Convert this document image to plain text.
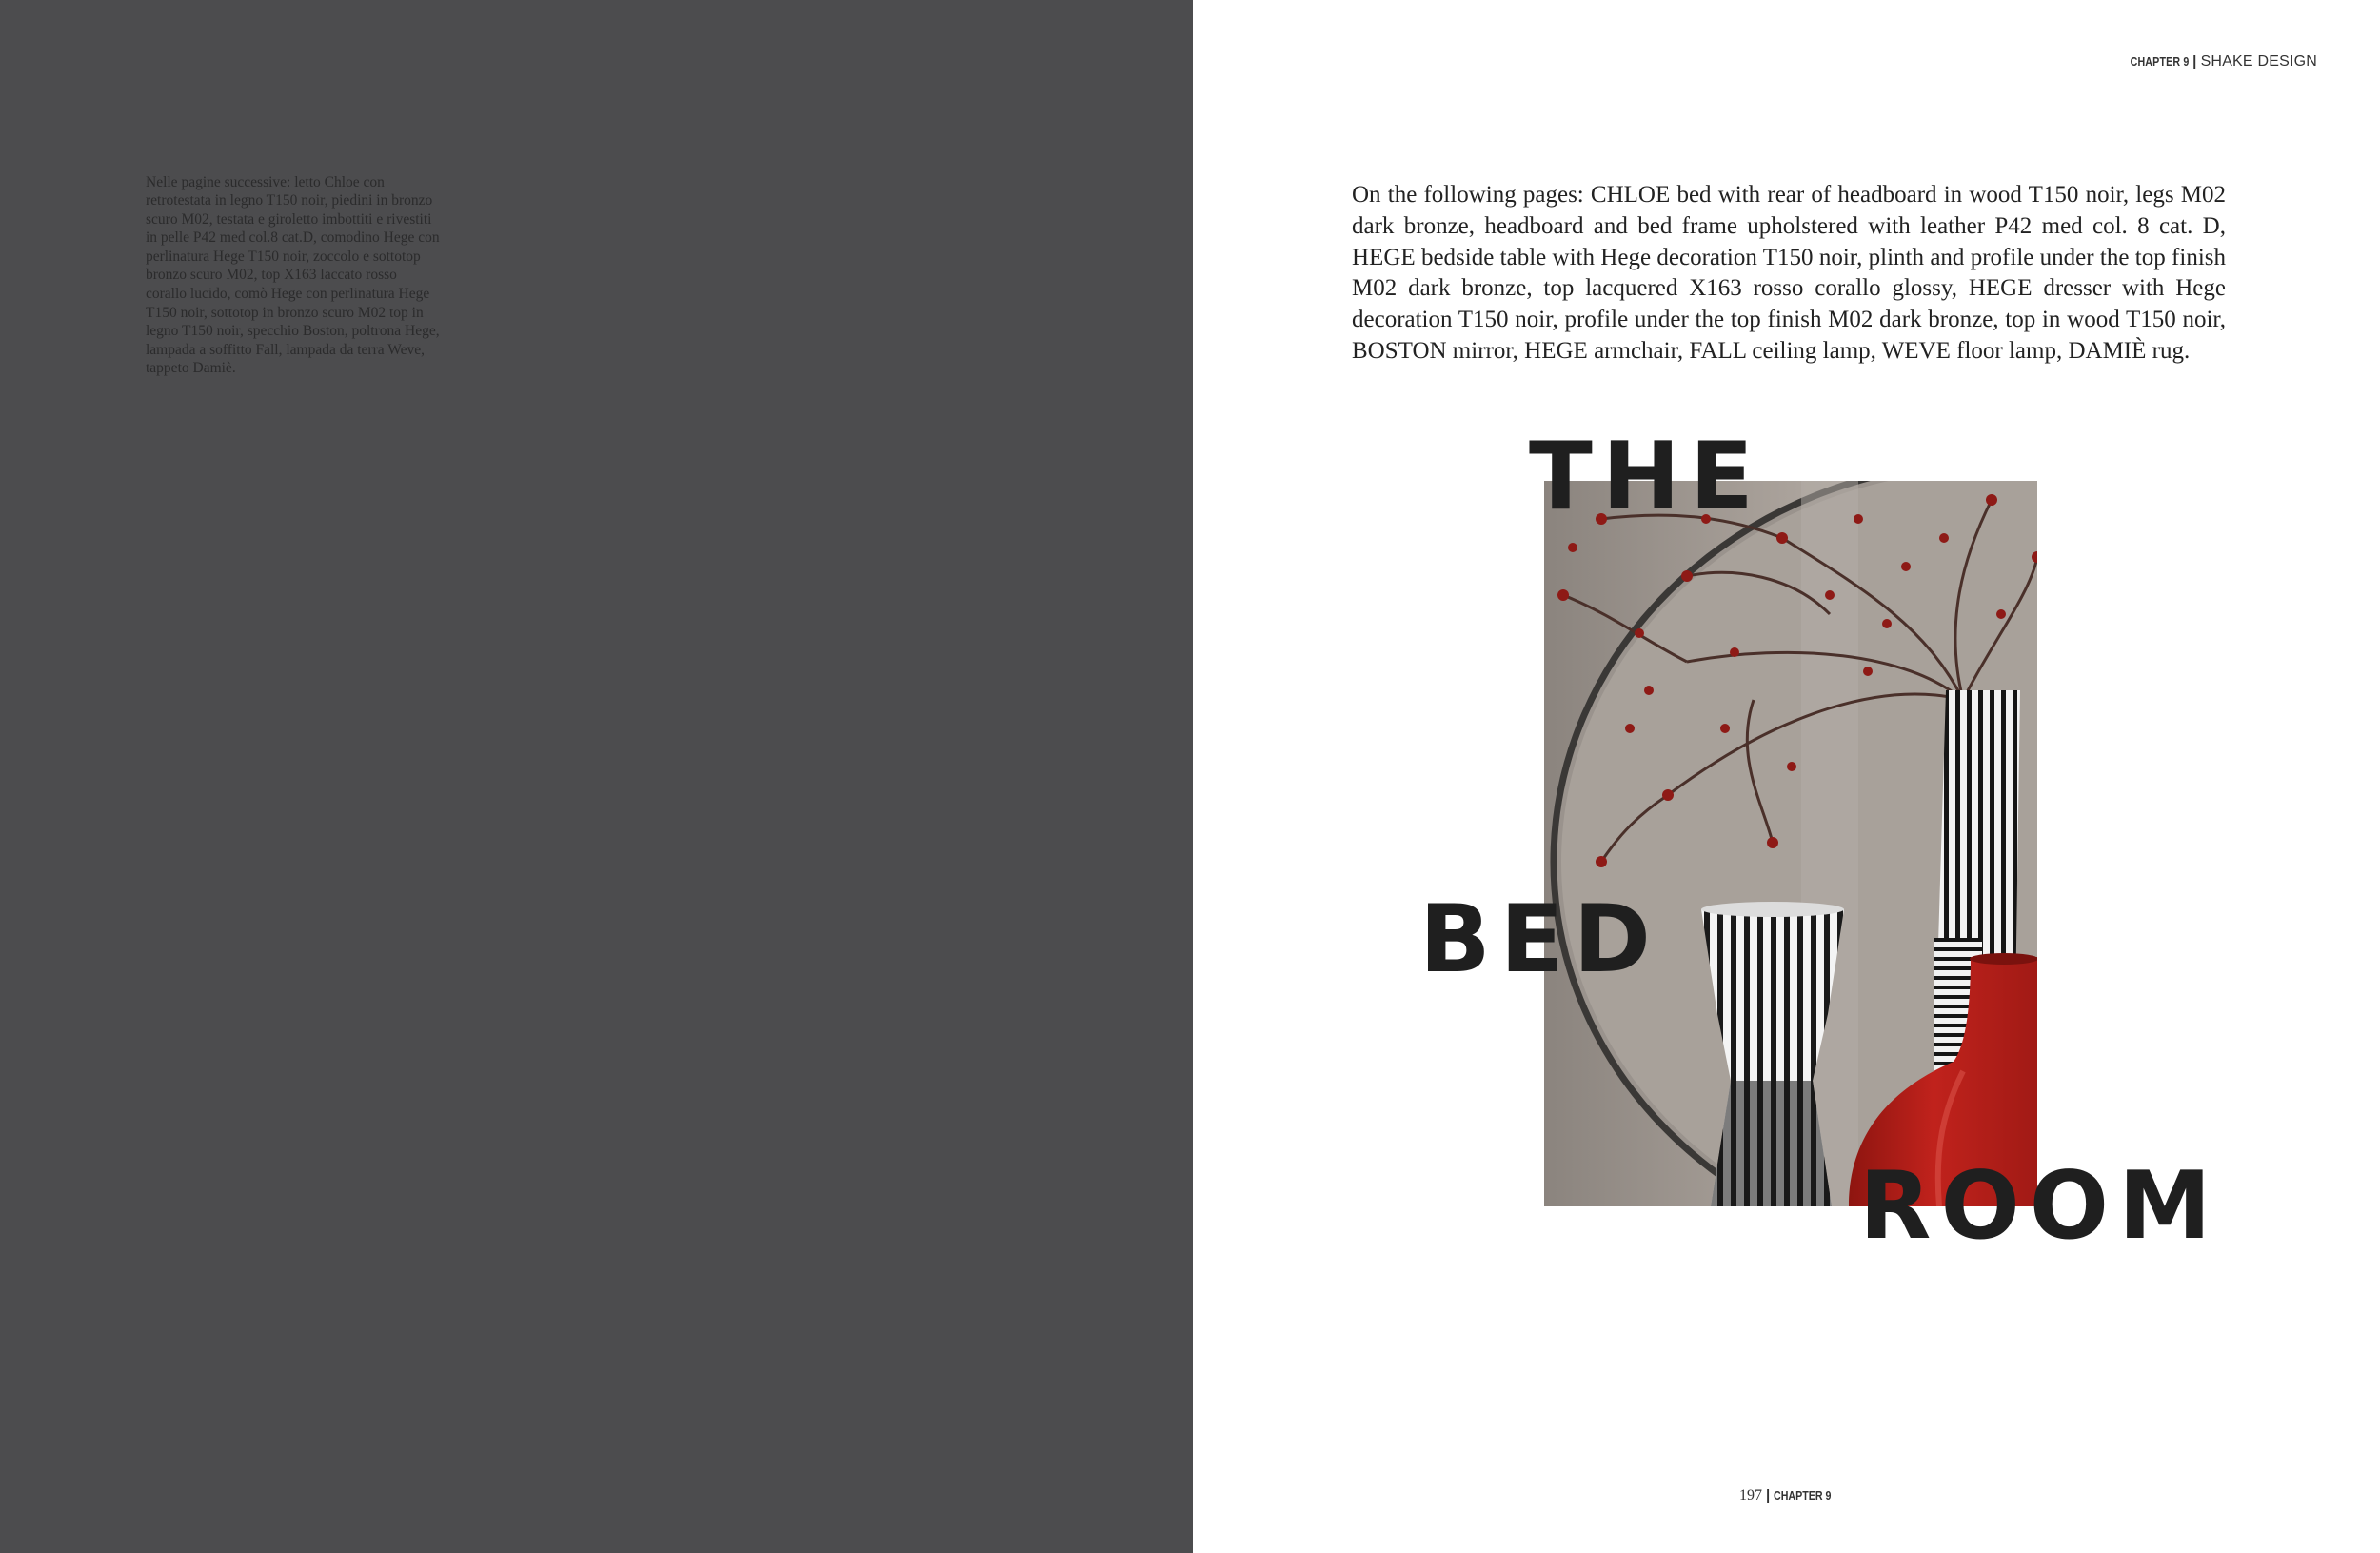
Nelle pagine successive: letto Chloe con retrotestata in legno T150 noir, piedini in bronzo scuro M02, testata e giroletto imbottiti e rivestiti in pelle P42 med col.8 cat.D, comodino Hege con perlinatura Hege T150 noir, zoccolo e sottotop bronzo scuro M02, top X163 laccato rosso corallo lucido, comò Hege con perlinatura Hege T150 noir, sottotop in bronzo scuro M02 top in legno T150 noir, specchio Boston, poltrona Hege, lampada a soffitto Fall, lampada da terra Weve, tappeto Damiè.

CHAPTER 9 | SHAKE DESIGN

On the following pages: CHLOE bed with rear of headboard in wood T150 noir, legs M02 dark bronze, headboard and bed frame upholstered with leather P42 med col. 8 cat. D, HEGE bedside table with Hege decoration T150 noir, plinth and profile under the top finish M02 dark bronze, top lacquered X163 rosso corallo glossy, HEGE dresser with Hege decoration T150 noir, profile under the top finish M02 dark bronze, top in wood T150 noir, BOSTON mirror, HEGE armchair, FALL ceiling lamp, WEVE floor lamp, DAMIÈ rug.

THE
BED
ROOM
197 | CHAPTER 9
